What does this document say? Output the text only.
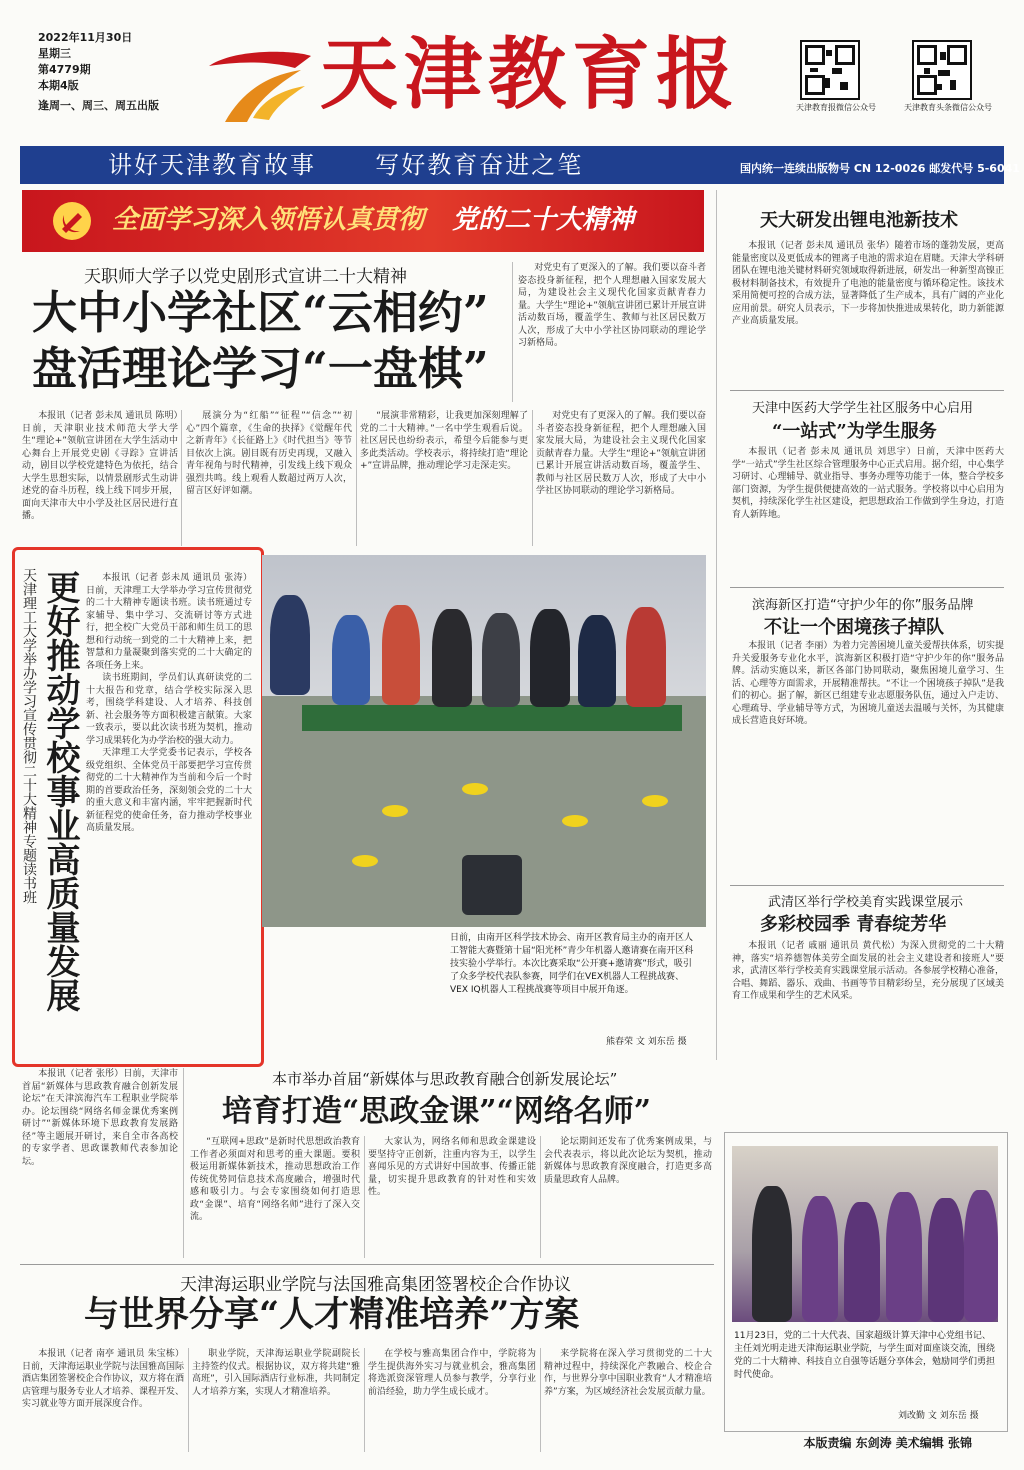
2022年11月30日
星期三
第4779期
本期4版
逢周一、周三、周五出版 天津教育报	天津教育报微信公众号	天津教育头条微信公众号
讲好天津教育故事 写好教育奋进之笔	国内统一连续出版物号 CN 12-0026 邮发代号 5-6041
全面学习深入领悟认真贯彻 党的二十大精神
天职师大学子以党史剧形式宣讲二十大精神
大中小学社区“云相约”
盘活理论学习“一盘棋”

对党史有了更深入的了解。我们要以奋斗者姿态投身新征程，把个人理想融入国家发展大局，为建设社会主义现代化国家贡献青春力量。大学生“理论+”领航宣讲团已累计开展宣讲活动数百场，覆盖学生、教师与社区居民数万人次，形成了大中小学社区协同联动的理论学习新格局。

本报讯（记者 彭未凤 通讯员 陈明）日前，天津职业技术师范大学大学生“理论+”领航宣讲团在大学生活动中心舞台上开展党史剧《寻踪》宣讲活动，剧目以学校党建特色为依托，结合大学生思想实际，以情景剧形式生动讲述党的奋斗历程，线上线下同步开展，面向天津市大中小学及社区居民进行直播。

展演分为“红船”“征程”“信念”“初心”四个篇章，《生命的抉择》《觉醒年代之新青年》《长征路上》《时代担当》等节目依次上演。剧目既有历史再现，又融入青年视角与时代精神，引发线上线下观众强烈共鸣。线上观看人数超过两万人次，留言区好评如潮。

“展演非常精彩，让我更加深刻理解了党的二十大精神。”一名中学生观看后说。社区居民也纷纷表示，希望今后能参与更多此类活动。学校表示，将持续打造“理论+”宣讲品牌，推动理论学习走深走实。

对党史有了更深入的了解。我们要以奋斗者姿态投身新征程，把个人理想融入国家发展大局，为建设社会主义现代化国家贡献青春力量。大学生“理论+”领航宣讲团已累计开展宣讲活动数百场，覆盖学生、教师与社区居民数万人次，形成了大中小学社区协同联动的理论学习新格局。

天津理工大学举办学习宣传贯彻二十大精神专题读书班 更好推动学校事业高质量发展	本报讯（记者 彭未凤 通讯员 张涛）日前，天津理工大学举办学习宣传贯彻党的二十大精神专题读书班。读书班通过专家辅导、集中学习、交流研讨等方式进行，把全校广大党员干部和师生员工的思想和行动统一到党的二十大精神上来，把智慧和力量凝聚到落实党的二十大确定的各项任务上来。

读书班期间，学员们认真研读党的二十大报告和党章，结合学校实际深入思考，围绕学科建设、人才培养、科技创新、社会服务等方面积极建言献策。大家一致表示，要以此次读书班为契机，推动学习成果转化为办学治校的强大动力。

天津理工大学党委书记表示，学校各级党组织、全体党员干部要把学习宣传贯彻党的二十大精神作为当前和今后一个时期的首要政治任务，深刻领会党的二十大的重大意义和丰富内涵，牢牢把握新时代新征程党的使命任务，奋力推动学校事业高质量发展。

日前，由南开区科学技术协会、南开区教育局主办的南开区人工智能大赛暨第十届“阳光杯”青少年机器人邀请赛在南开区科技实验小学举行。本次比赛采取“公开赛+邀请赛”形式，吸引了众多学校代表队参赛，同学们在VEX机器人工程挑战赛、VEX IQ机器人工程挑战赛等项目中展开角逐。
熊春荣 文 刘东岳 摄
天大研发出锂电池新技术

本报讯（记者 彭未凤 通讯员 张华）随着市场的蓬勃发展，更高能量密度以及更低成本的锂离子电池的需求迫在眉睫。天津大学科研团队在锂电池关键材料研究领域取得新进展，研发出一种新型高镍正极材料制备技术，有效提升了电池的能量密度与循环稳定性。该技术采用简便可控的合成方法，显著降低了生产成本，具有广阔的产业化应用前景。研究人员表示，下一步将加快推进成果转化，助力新能源产业高质量发展。

天津中医药大学学生社区服务中心启用
“一站式”为学生服务

本报讯（记者 彭未凤 通讯员 刘思宇）日前，天津中医药大学“一站式”学生社区综合管理服务中心正式启用。据介绍，中心集学习研讨、心理辅导、就业指导、事务办理等功能于一体，整合学校多部门资源，为学生提供便捷高效的一站式服务。学校将以中心启用为契机，持续深化学生社区建设，把思想政治工作做到学生身边，打造育人新阵地。

滨海新区打造“守护少年的你”服务品牌
不让一个困境孩子掉队

本报讯（记者 李丽）为着力完善困境儿童关爱帮扶体系，切实提升关爱服务专业化水平，滨海新区积极打造“守护少年的你”服务品牌。活动实施以来，新区各部门协同联动，聚焦困境儿童学习、生活、心理等方面需求，开展精准帮扶。“不让一个困境孩子掉队”是我们的初心。据了解，新区已组建专业志愿服务队伍，通过入户走访、心理疏导、学业辅导等方式，为困境儿童送去温暖与关怀，为其健康成长营造良好环境。

武清区举行学校美育实践课堂展示
多彩校园季 青春绽芳华

本报讯（记者 戚丽 通讯员 黄代松）为深入贯彻党的二十大精神，落实“培养德智体美劳全面发展的社会主义建设者和接班人”要求，武清区举行学校美育实践课堂展示活动。各参展学校精心准备，合唱、舞蹈、器乐、戏曲、书画等节目精彩纷呈，充分展现了区域美育工作成果和学生的艺术风采。

11月23日，党的二十大代表、国家超级计算天津中心党组书记、主任刘光明走进天津海运职业学院，与学生面对面座谈交流，围绕党的二十大精神、科技自立自强等话题分享体会，勉励同学们勇担时代使命。
刘改勤 文 刘东岳 摄

本报讯（记者 张彤）日前，天津市首届“新媒体与思政教育融合创新发展论坛”在天津滨海汽车工程职业学院举办。论坛围绕“网络名师金课优秀案例研讨”“新媒体环境下思政教育发展路径”等主题展开研讨，来自全市各高校的专家学者、思政课教师代表参加论坛。

本市举办首届“新媒体与思政教育融合创新发展论坛”
培育打造“思政金课”“网络名师”

“互联网+思政”是新时代思想政治教育工作者必须面对和思考的重大课题。要积极运用新媒体新技术，推动思想政治工作传统优势同信息技术高度融合，增强时代感和吸引力。与会专家围绕如何打造思政“金课”、培育“网络名师”进行了深入交流。

大家认为，网络名师和思政金课建设要坚持守正创新，注重内容为王，以学生喜闻乐见的方式讲好中国故事、传播正能量，切实提升思政教育的针对性和实效性。

论坛期间还发布了优秀案例成果，与会代表表示，将以此次论坛为契机，推动新媒体与思政教育深度融合，打造更多高质量思政育人品牌。

天津海运职业学院与法国雅高集团签署校企合作协议
与世界分享“人才精准培养”方案

本报讯（记者 南亭 通讯员 朱宝栋）日前，天津海运职业学院与法国雅高国际酒店集团签署校企合作协议，双方将在酒店管理与服务专业人才培养、课程开发、实习就业等方面开展深度合作。

职业学院，天津海运职业学院副院长主持签约仪式。根据协议，双方将共建“雅高班”，引入国际酒店行业标准，共同制定人才培养方案，实现人才精准培养。

在学校与雅高集团合作中，学院将为学生提供海外实习与就业机会，雅高集团将选派资深管理人员参与教学，分享行业前沿经验，助力学生成长成才。

来学院将在深入学习贯彻党的二十大精神过程中，持续深化产教融合、校企合作，与世界分享中国职业教育“人才精准培养”方案，为区域经济社会发展贡献力量。

本版责编 东剑涛 美术编辑 张锦
